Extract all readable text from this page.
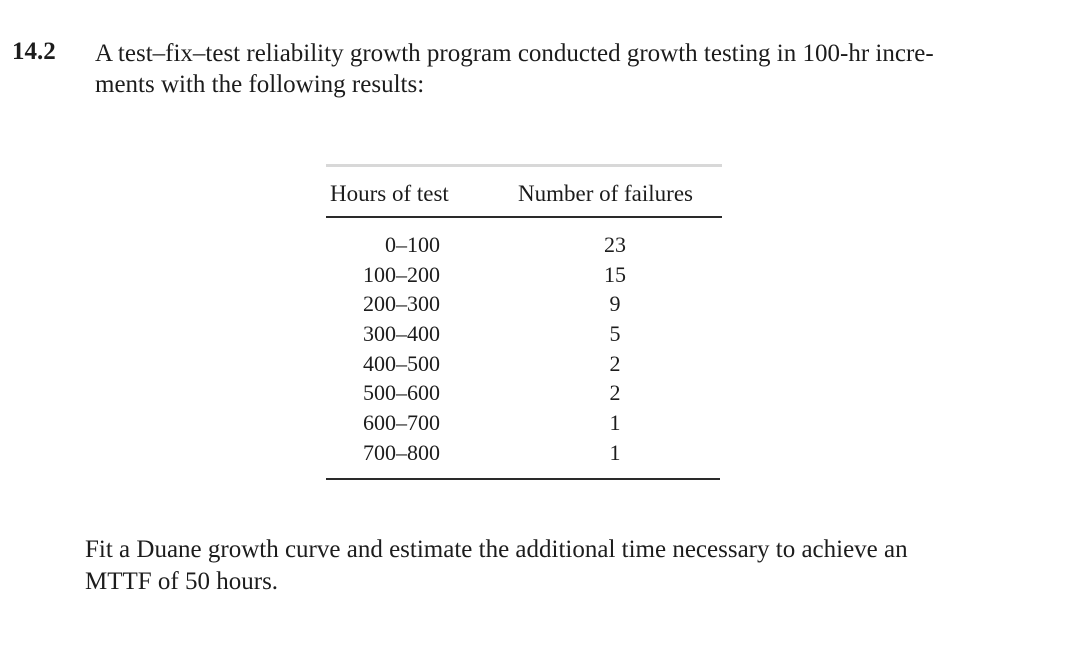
14.2 A test–fix–test reliability growth program conducted growth testing in 100-hr incre-
ments with the following results:
Hours of test	Number of failures
0–100	23
100–200	15
200–300	9
300–400	5
400–500	2
500–600	2
600–700	1
700–800	1
Fit a Duane growth curve and estimate the additional time necessary to achieve an
MTTF of 50 hours.
